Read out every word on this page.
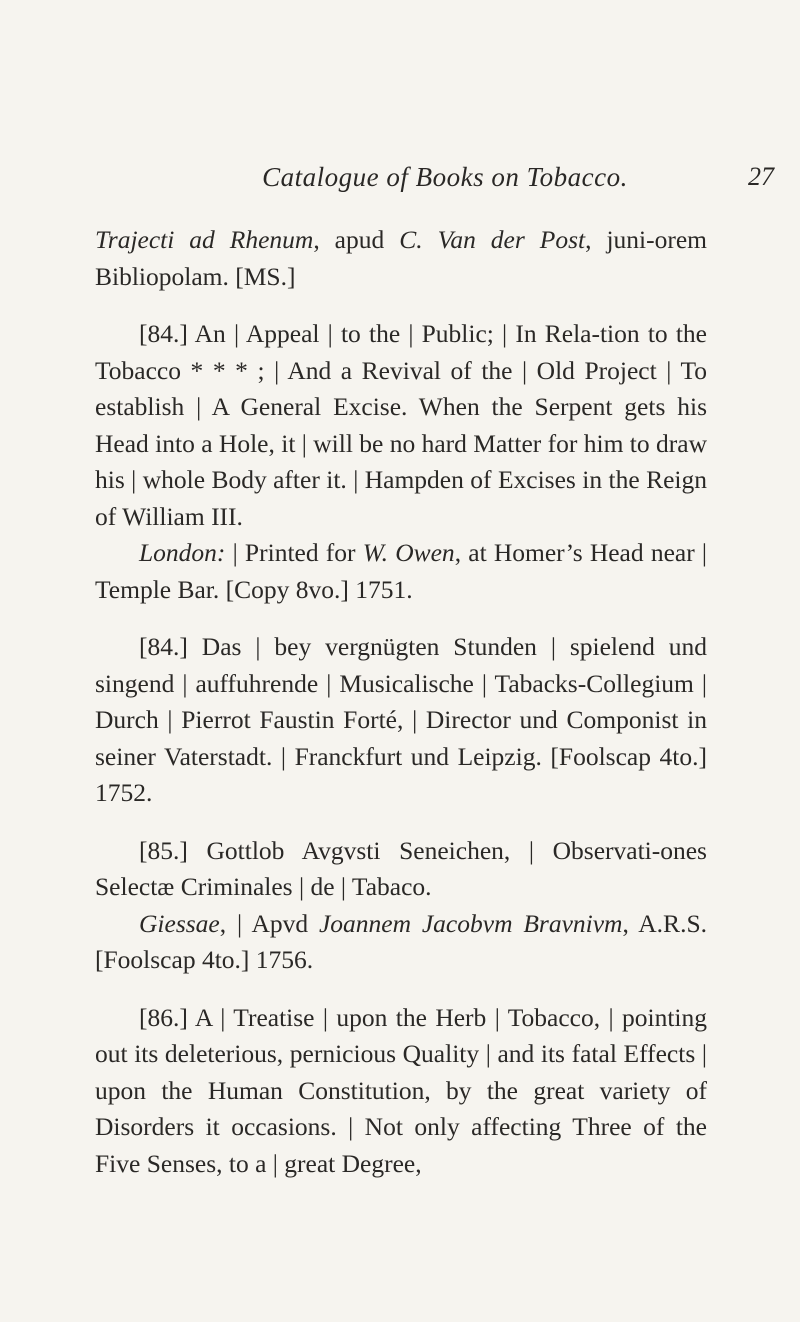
Catalogue of Books on Tobacco.	27

Trajecti ad Rhenum, apud C. Van der Post, juni-orem Bibliopolam. [MS.]

[84.] An | Appeal | to the | Public; | In Rela-tion to the Tobacco * * * ; | And a Revival of the | Old Project | To establish | A General Excise. When the Serpent gets his Head into a Hole, it | will be no hard Matter for him to draw his | whole Body after it. | Hampden of Excises in the Reign of William III.

London: | Printed for W. Owen, at Homer’s Head near | Temple Bar. [Copy 8vo.] 1751.

[84.] Das | bey vergnügten Stunden | spielend und singend | auffuhrende | Musicalische | Tabacks-Collegium | Durch | Pierrot Faustin Forté, | Director und Componist in seiner Vaterstadt. | Franckfurt und Leipzig. [Foolscap 4to.] 1752.

[85.] Gottlob Avgvsti Seneichen, | Observati-ones Selectæ Criminales | de | Tabaco.

Giessae, | Apvd Joannem Jacobvm Bravnivm, A.R.S. [Foolscap 4to.] 1756.

[86.] A | Treatise | upon the Herb | Tobacco, | pointing out its deleterious, pernicious Quality | and its fatal Effects | upon the Human Constitution, by the great variety of Disorders it occasions. | Not only affecting Three of the Five Senses, to a | great Degree,
